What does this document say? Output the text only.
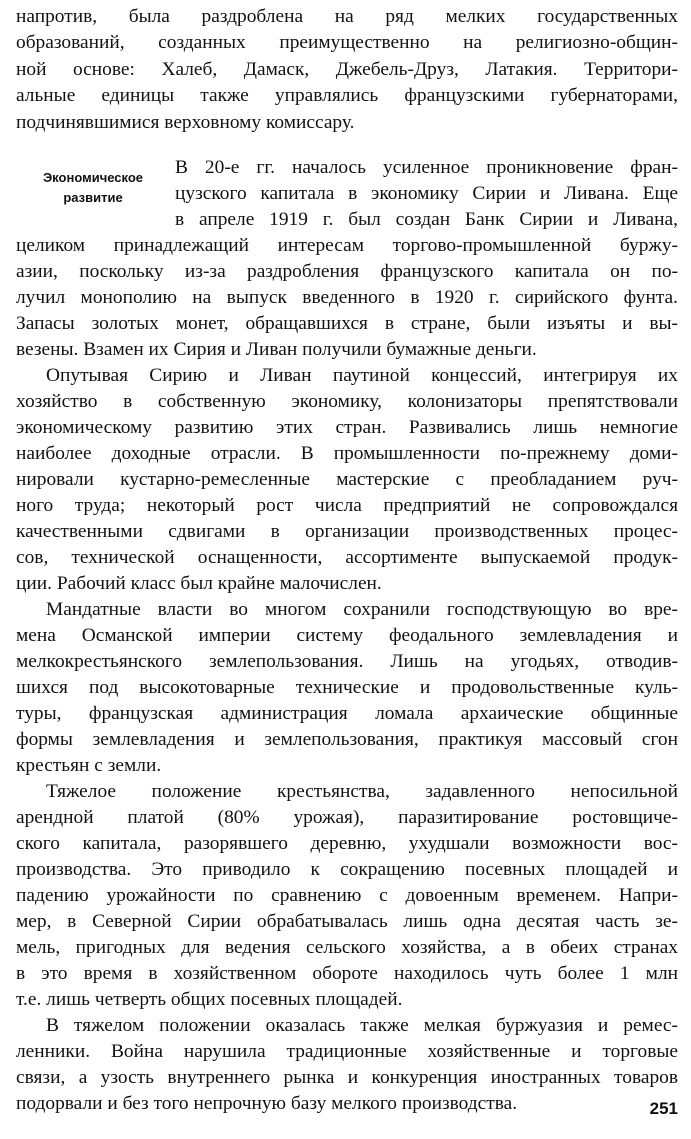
Экономическое
развитие
напротив, была раздроблена на ряд мелких государственных
образований, созданных преимущественно на религиозно-общин-
ной основе: Халеб, Дамаск, Джебель-Друз, Латакия. Территори-
альные единицы также управлялись французскими губернаторами,
подчинявшимися верховному комиссару.
В 20-е гг. началось усиленное проникновение фран-
цузского капитала в экономику Сирии и Ливана. Еще
в апреле 1919 г. был создан Банк Сирии и Ливана,
целиком принадлежащий интересам торгово-промышленной буржу-
азии, поскольку из-за раздробления французского капитала он по-
лучил монополию на выпуск введенного в 1920 г. сирийского фунта.
Запасы золотых монет, обращавшихся в стране, были изъяты и вы-
везены. Взамен их Сирия и Ливан получили бумажные деньги.
Опутывая Сирию и Ливан паутиной концессий, интегрируя их
хозяйство в собственную экономику, колонизаторы препятствовали
экономическому развитию этих стран. Развивались лишь немногие
наиболее доходные отрасли. В промышленности по-прежнему доми-
нировали кустарно-ремесленные мастерские с преобладанием руч-
ного труда; некоторый рост числа предприятий не сопровождался
качественными сдвигами в организации производственных процес-
сов, технической оснащенности, ассортименте выпускаемой продук-
ции. Рабочий класс был крайне малочислен.
Мандатные власти во многом сохранили господствующую во вре-
мена Османской империи систему феодального землевладения и
мелкокрестьянского землепользования. Лишь на угодьях, отводив-
шихся под высокотоварные технические и продовольственные куль-
туры, французская администрация ломала архаические общинные
формы землевладения и землепользования, практикуя массовый сгон
крестьян с земли.
Тяжелое положение крестьянства, задавленного непосильной
арендной платой (80% урожая), паразитирование ростовщиче-
ского капитала, разорявшего деревню, ухудшали возможности вос-
производства. Это приводило к сокращению посевных площадей и
падению урожайности по сравнению с довоенным временем. Напри-
мер, в Северной Сирии обрабатывалась лишь одна десятая часть зе-
мель, пригодных для ведения сельского хозяйства, а в обеих странах
в это время в хозяйственном обороте находилось чуть более 1 млн
т.е. лишь четверть общих посевных площадей.
В тяжелом положении оказалась также мелкая буржуазия и ремес-
ленники. Война нарушила традиционные хозяйственные и торговые
связи, а узость внутреннего рынка и конкуренция иностранных товаров
подорвали и без того непрочную базу мелкого производства.	251
